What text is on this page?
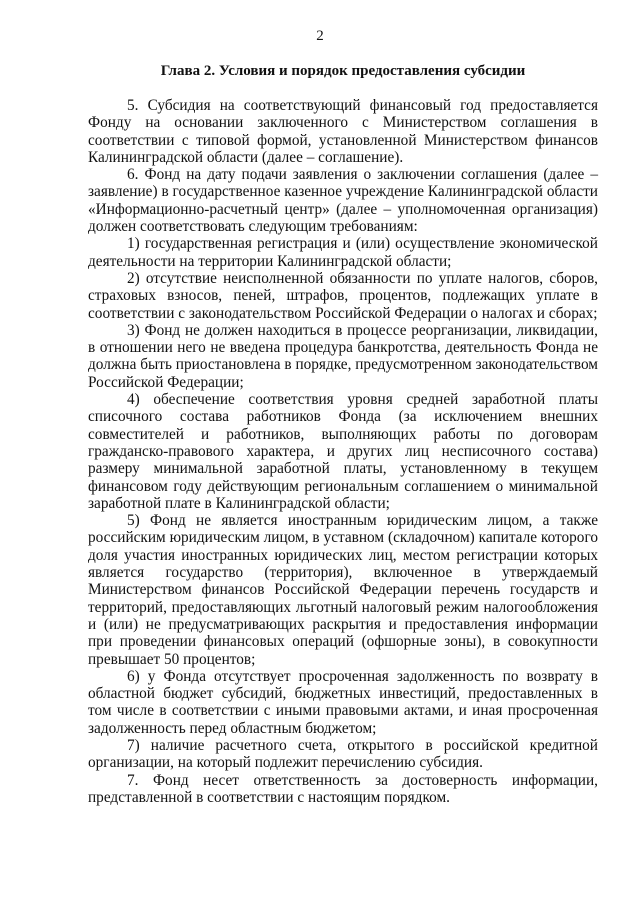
2
Глава 2. Условия и порядок предоставления субсидии

5. Субсидия на соответствующий финансовый год предоставляется Фонду на основании заключенного с Министерством соглашения в соответствии с типовой формой, установленной Министерством финансов Калининградской области (далее – соглашение).

6. Фонд на дату подачи заявления о заключении соглашения (далее – заявление) в государственное казенное учреждение Калининградской области «Информационно-расчетный центр» (далее – уполномоченная организация) должен соответствовать следующим требованиям:

1) государственная регистрация и (или) осуществление экономической деятельности на территории Калининградской области;

2) отсутствие неисполненной обязанности по уплате налогов, сборов, страховых взносов, пеней, штрафов, процентов, подлежащих уплате в соответствии с законодательством Российской Федерации о налогах и сборах;

3) Фонд не должен находиться в процессе реорганизации, ликвидации, в отношении него не введена процедура банкротства, деятельность Фонда не должна быть приостановлена в порядке, предусмотренном законодательством Российской Федерации;

4) обеспечение соответствия уровня средней заработной платы списочного состава работников Фонда (за исключением внешних совместителей и работников, выполняющих работы по договорам гражданско-правового характера, и других лиц несписочного состава) размеру минимальной заработной платы, установленному в текущем финансовом году действующим региональным соглашением о минимальной заработной плате в Калининградской области;

5) Фонд не является иностранным юридическим лицом, а также российским юридическим лицом, в уставном (складочном) капитале которого доля участия иностранных юридических лиц, местом регистрации которых является государство (территория), включенное в утверждаемый Министерством финансов Российской Федерации перечень государств и территорий, предоставляющих льготный налоговый режим налогообложения и (или) не предусматривающих раскрытия и предоставления информации при проведении финансовых операций (офшорные зоны), в совокупности превышает 50 процентов;

6) у Фонда отсутствует просроченная задолженность по возврату в областной бюджет субсидий, бюджетных инвестиций, предоставленных в том числе в соответствии с иными правовыми актами, и иная просроченная задолженность перед областным бюджетом;

7) наличие расчетного счета, открытого в российской кредитной организации, на который подлежит перечислению субсидия.

7. Фонд несет ответственность за достоверность информации, представленной в соответствии с настоящим порядком.
